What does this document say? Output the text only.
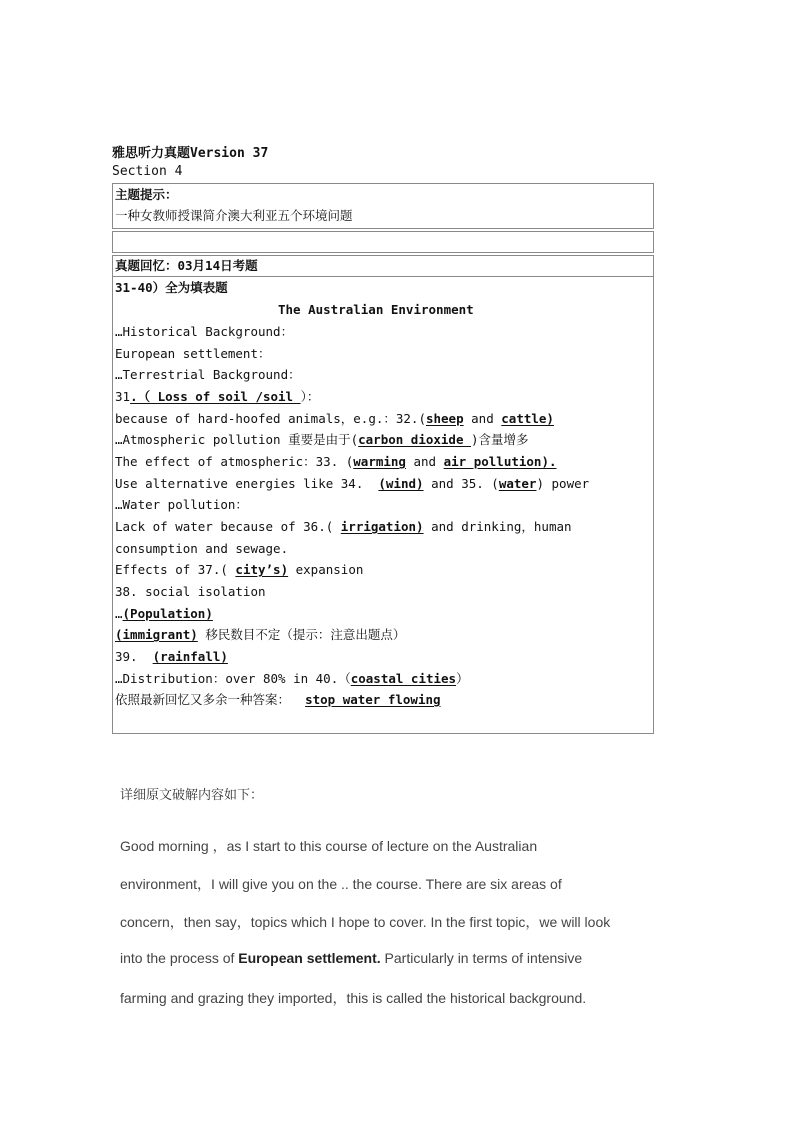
雅思听力真题Version 37
Section 4
主题提示：
一种女教师授课简介澳大利亚五个环境问题
真题回忆：03月14日考题
31-40）全为填表题
The Australian Environment
…Historical Background：
European settlement：
…Terrestrial Background：
31.（ Loss of soil /soil ）：
because of hard-hoofed animals，e.g.：32.(sheep and cattle)
…Atmospheric pollution 重要是由于(carbon dioxide )含量增多
The effect of atmospheric：33. (warming and air pollution).
Use alternative energies like 34.  (wind) and 35. (water) power
…Water pollution：
Lack of water because of 36.( irrigation) and drinking，human
consumption and sewage.
Effects of 37.( city’s) expansion
38. social isolation
…(Population)
(immigrant) 移民数目不定（提示：注意出题点）
39.  (rainfall)
…Distribution：over 80% in 40.（coastal cities）
依照最新回忆又多余一种答案：  stop water flowing
详细原文破解内容如下：
Good morning ，as I start to this course of lecture on the Australian
environment，I will give you on the .. the course. There are six areas of
concern，then say，topics which I hope to cover. In the first topic，we will look
into the process of European settlement. Particularly in terms of intensive
farming and grazing they imported，this is called the historical background.
